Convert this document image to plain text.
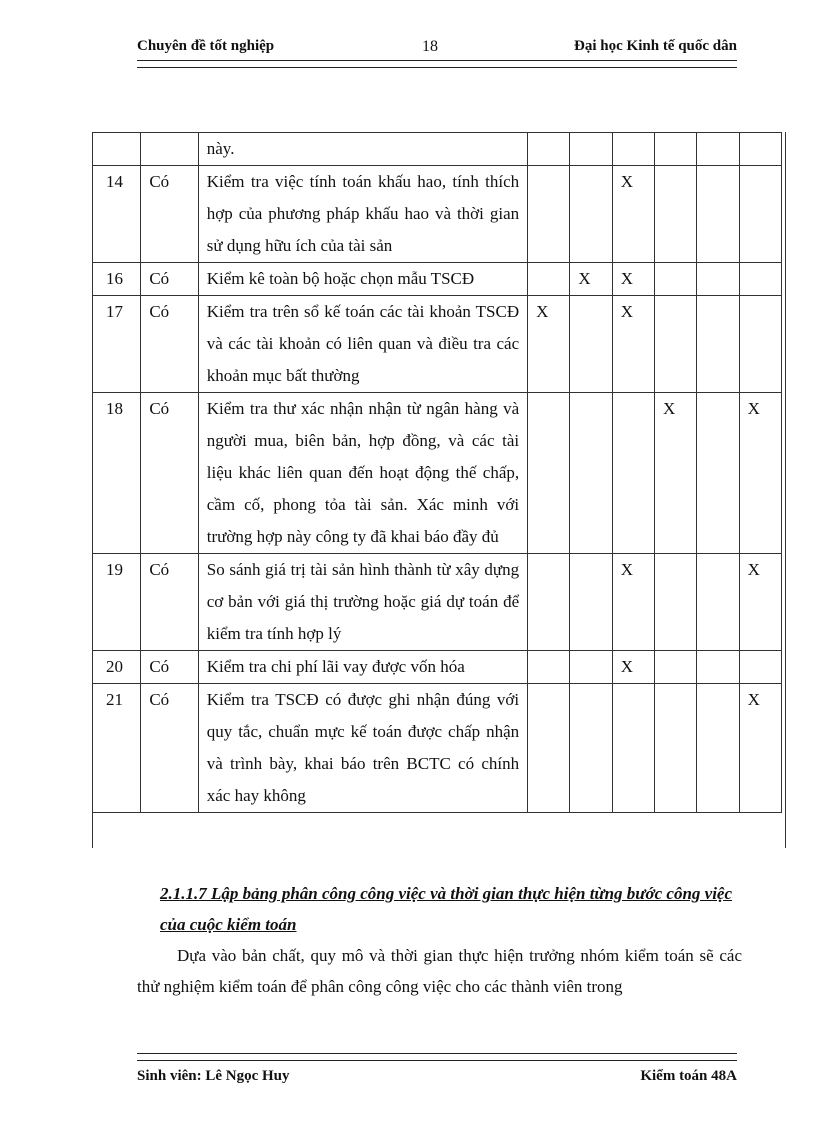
Chuyên đề tốt nghiệp	18	Đại học Kinh tế quốc dân
		này.						
14	Có	Kiểm tra việc tính toán khấu hao, tính thích hợp của phương pháp khấu hao và thời gian sử dụng hữu ích của tài sản			X			
16	Có	Kiểm kê toàn bộ hoặc chọn mẫu TSCĐ		X	X			
17	Có	Kiểm tra trên sổ kế toán các tài khoản TSCĐ và các tài khoản có liên quan và điều tra các khoản mục bất thường	X		X			
18	Có	Kiểm tra thư xác nhận nhận từ ngân hàng và người mua, biên bản, hợp đồng, và các tài liệu khác liên quan đến hoạt động thế chấp, cầm cố, phong tỏa tài sản. Xác minh với trường hợp này công ty đã khai báo đầy đủ				X		X
19	Có	So sánh giá trị tài sản hình thành từ xây dựng cơ bản với giá thị trường hoặc giá dự toán để kiểm tra tính hợp lý			X			X
20	Có	Kiểm tra chi phí lãi vay được vốn hóa			X			
21	Có	Kiểm tra TSCĐ có được ghi nhận đúng với quy tắc, chuẩn mực kế toán được chấp nhận và trình bày, khai báo trên BCTC có chính xác hay không						X
2.1.1.7 Lập bảng phân công công việc và thời gian thực hiện từng bước công việc của cuộc kiểm toán

Dựa vào bản chất, quy mô và thời gian thực hiện trưởng nhóm kiểm toán sẽ các thử nghiệm kiểm toán để phân công công việc cho các thành viên trong

Sinh viên: Lê Ngọc Huy	Kiểm toán 48A
